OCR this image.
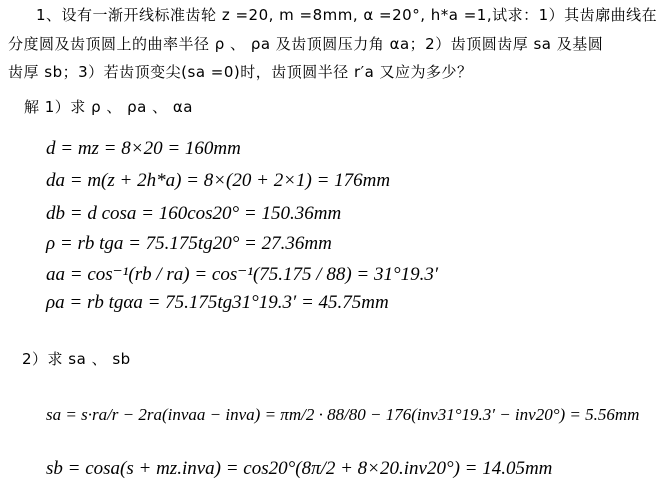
1、设有一渐开线标准齿轮 z =20, m =8mm, α =20°, h*a =1,试求：1）其齿廓曲线在
分度圆及齿顶圆上的曲率半径 ρ 、 ρa 及齿顶圆压力角 αa；2）齿顶圆齿厚 sa 及基圆
齿厚 sb；3）若齿顶变尖(sa =0)时，齿顶圆半径 r′a 又应为多少？
解 1）求 ρ 、 ρa 、 αa
d = mz = 8×20 = 160mm
da = m(z + 2h*a) = 8×(20 + 2×1) = 176mm
db = d cosa = 160cos20° = 150.36mm
ρ = rb tga = 75.175tg20° = 27.36mm
aa = cos⁻¹(rb / ra) = cos⁻¹(75.175 / 88) = 31°19.3′
ρa = rb tgαa = 75.175tg31°19.3′ = 45.75mm
2）求 sa 、 sb
sa = s·ra/r − 2ra(invaa − inva) = πm/2 · 88/80 − 176(inv31°19.3′ − inv20°) = 5.56mm
sb = cosa(s + mz.inva) = cos20°(8π/2 + 8×20.inv20°) = 14.05mm
